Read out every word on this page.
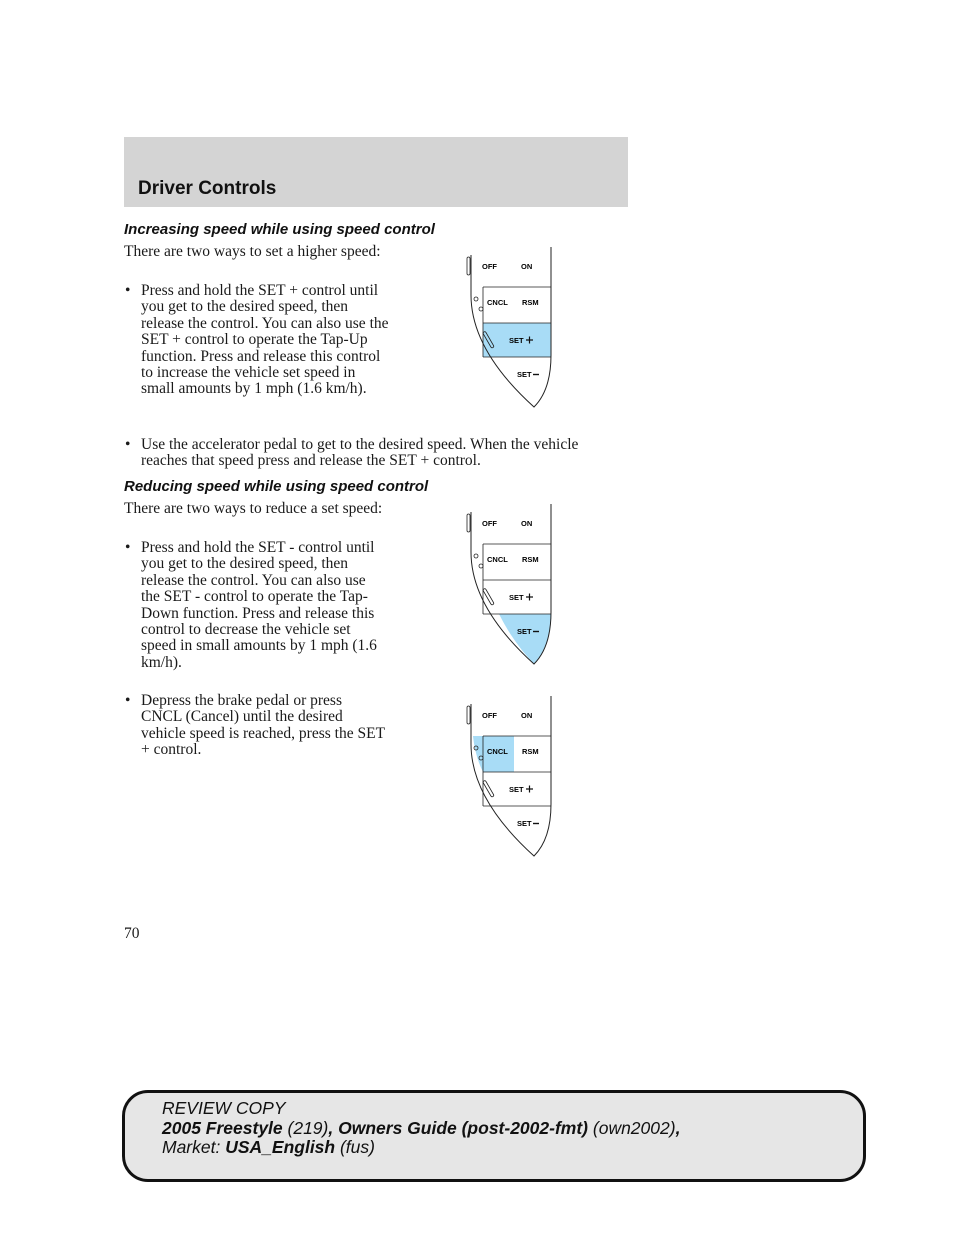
Driver Controls
Increasing speed while using speed control

There are two ways to set a higher speed:

• Press and hold the SET + control until you get to the desired speed, then release the control. You can also use the SET + control to operate the Tap-Up function. Press and release this control to increase the vehicle set speed in small amounts by 1 mph (1.6 km/h).
• Use the accelerator pedal to get to the desired speed. When the vehicle reaches that speed press and release the SET + control.
Reducing speed while using speed control

There are two ways to reduce a set speed:

• Press and hold the SET - control until you get to the desired speed, then release the control. You can also use the SET - control to operate the Tap-Down function. Press and release this control to decrease the vehicle set speed in small amounts by 1 mph (1.6 km/h).
• Depress the brake pedal or press CNCL (Cancel) until the desired vehicle speed is reached, press the SET + control.
OFF	ON
CNCL RSM
SET
SET
OFF	ON
CNCL RSM
SET
SET
OFF	ON
CNCL RSM
SET
SET
70
REVIEW COPY
2005 Freestyle (219), Owners Guide (post-2002-fmt) (own2002),
Market: USA_English (fus)
